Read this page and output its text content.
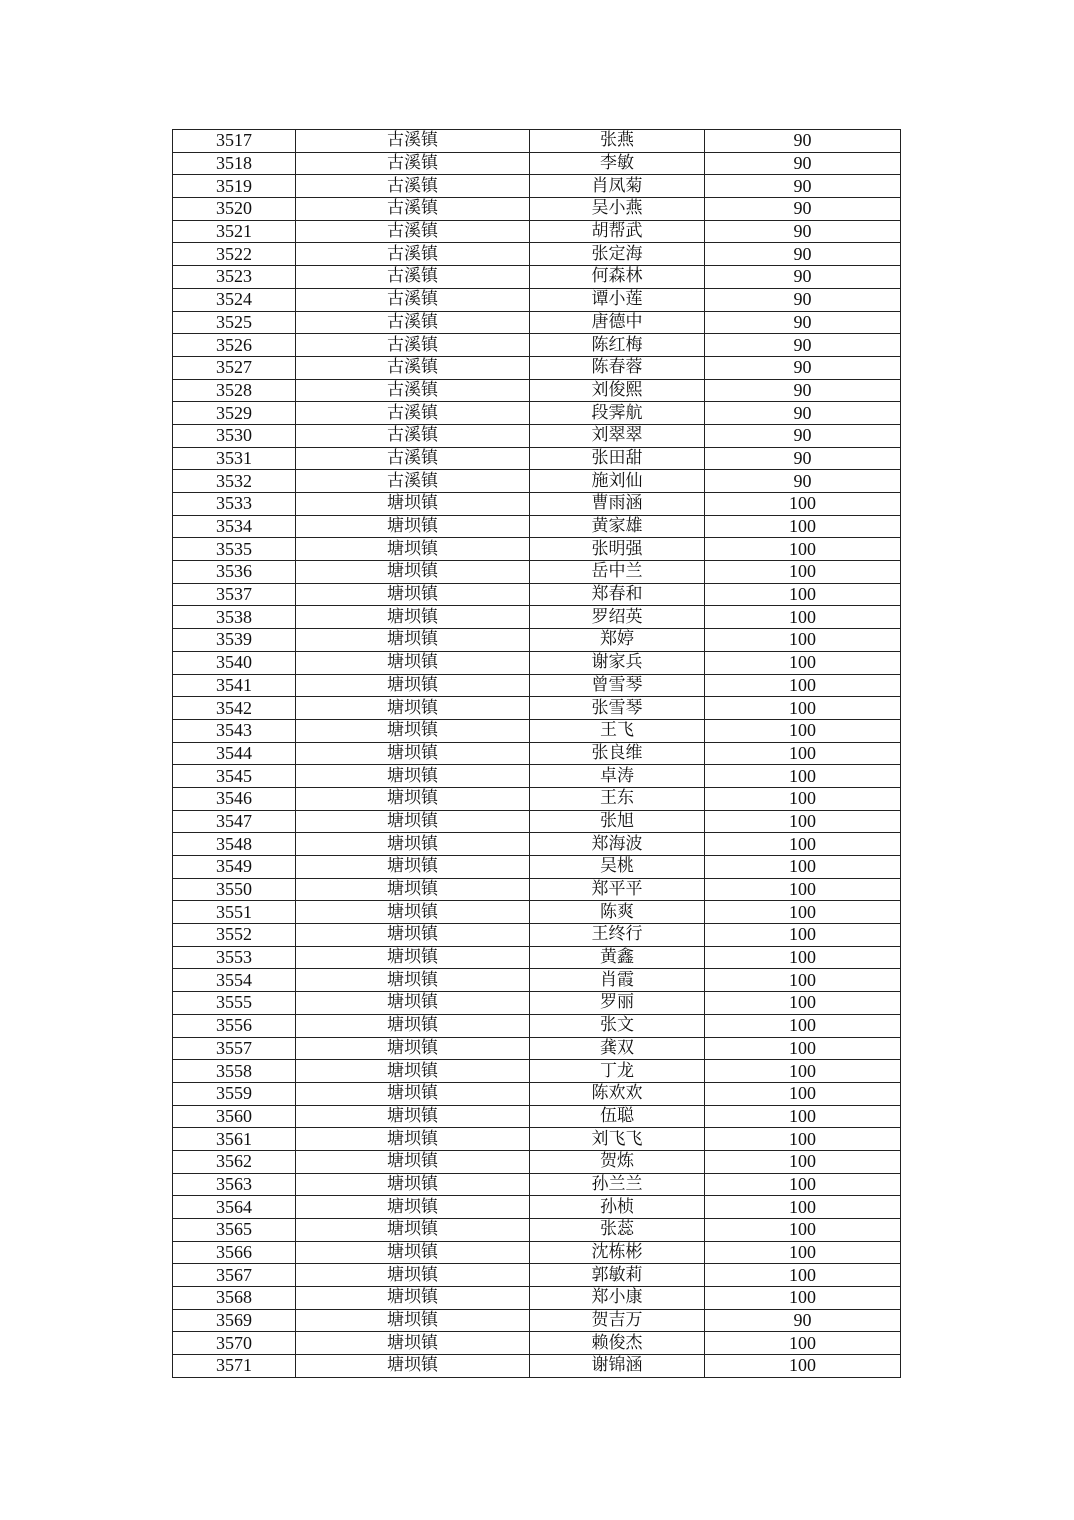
3517	古溪镇	张燕	90
3518	古溪镇	李敏	90
3519	古溪镇	肖凤菊	90
3520	古溪镇	吴小燕	90
3521	古溪镇	胡帮武	90
3522	古溪镇	张定海	90
3523	古溪镇	何森林	90
3524	古溪镇	谭小莲	90
3525	古溪镇	唐德中	90
3526	古溪镇	陈红梅	90
3527	古溪镇	陈春蓉	90
3528	古溪镇	刘俊熙	90
3529	古溪镇	段霁航	90
3530	古溪镇	刘翠翠	90
3531	古溪镇	张田甜	90
3532	古溪镇	施刘仙	90
3533	塘坝镇	曹雨涵	100
3534	塘坝镇	黄家雄	100
3535	塘坝镇	张明强	100
3536	塘坝镇	岳中兰	100
3537	塘坝镇	郑春和	100
3538	塘坝镇	罗绍英	100
3539	塘坝镇	郑婷	100
3540	塘坝镇	谢家兵	100
3541	塘坝镇	曾雪琴	100
3542	塘坝镇	张雪琴	100
3543	塘坝镇	王飞	100
3544	塘坝镇	张良维	100
3545	塘坝镇	卓涛	100
3546	塘坝镇	王东	100
3547	塘坝镇	张旭	100
3548	塘坝镇	郑海波	100
3549	塘坝镇	吴桃	100
3550	塘坝镇	郑平平	100
3551	塘坝镇	陈爽	100
3552	塘坝镇	王终行	100
3553	塘坝镇	黄鑫	100
3554	塘坝镇	肖霞	100
3555	塘坝镇	罗丽	100
3556	塘坝镇	张文	100
3557	塘坝镇	龚双	100
3558	塘坝镇	丁龙	100
3559	塘坝镇	陈欢欢	100
3560	塘坝镇	伍聪	100
3561	塘坝镇	刘飞飞	100
3562	塘坝镇	贺炼	100
3563	塘坝镇	孙兰兰	100
3564	塘坝镇	孙桢	100
3565	塘坝镇	张蕊	100
3566	塘坝镇	沈栋彬	100
3567	塘坝镇	郭敏莉	100
3568	塘坝镇	郑小康	100
3569	塘坝镇	贺吉万	90
3570	塘坝镇	赖俊杰	100
3571	塘坝镇	谢锦涵	100
